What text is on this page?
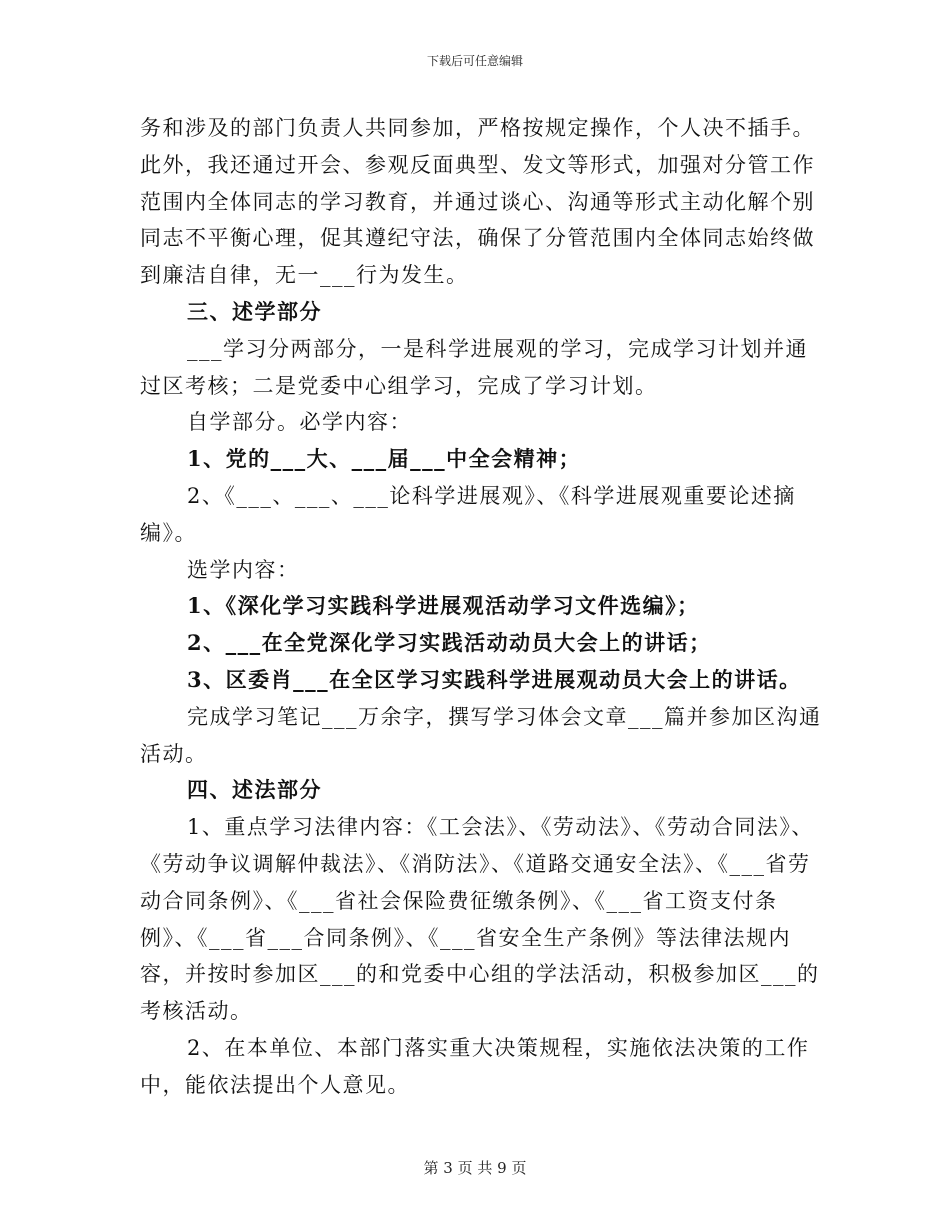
下载后可任意编辑

务和涉及的部门负责人共同参加，严格按规定操作，个人决不插手。此外，我还通过开会、参观反面典型、发文等形式，加强对分管工作范围内全体同志的学习教育，并通过谈心、沟通等形式主动化解个别同志不平衡心理，促其遵纪守法，确保了分管范围内全体同志始终做到廉洁自律，无一___行为发生。

三、述学部分

___学习分两部分，一是科学进展观的学习，完成学习计划并通过区考核；二是党委中心组学习，完成了学习计划。

自学部分。必学内容：

1、党的___大、___届___中全会精神；

2、《___、___、___论科学进展观》、《科学进展观重要论述摘编》。

选学内容：

1、《深化学习实践科学进展观活动学习文件选编》；

2、___在全党深化学习实践活动动员大会上的讲话；

3、区委肖___在全区学习实践科学进展观动员大会上的讲话。

完成学习笔记___万余字，撰写学习体会文章___篇并参加区沟通活动。

四、述法部分

1、重点学习法律内容：《工会法》、《劳动法》、《劳动合同法》、《劳动争议调解仲裁法》、《消防法》、《道路交通安全法》、《___省劳动合同条例》、《___省社会保险费征缴条例》、《___省工资支付条例》、《___省___合同条例》、《___省安全生产条例》等法律法规内容，并按时参加区___的和党委中心组的学法活动，积极参加区___的考核活动。

2、在本单位、本部门落实重大决策规程，实施依法决策的工作中，能依法提出个人意见。

第 3 页 共 9 页
